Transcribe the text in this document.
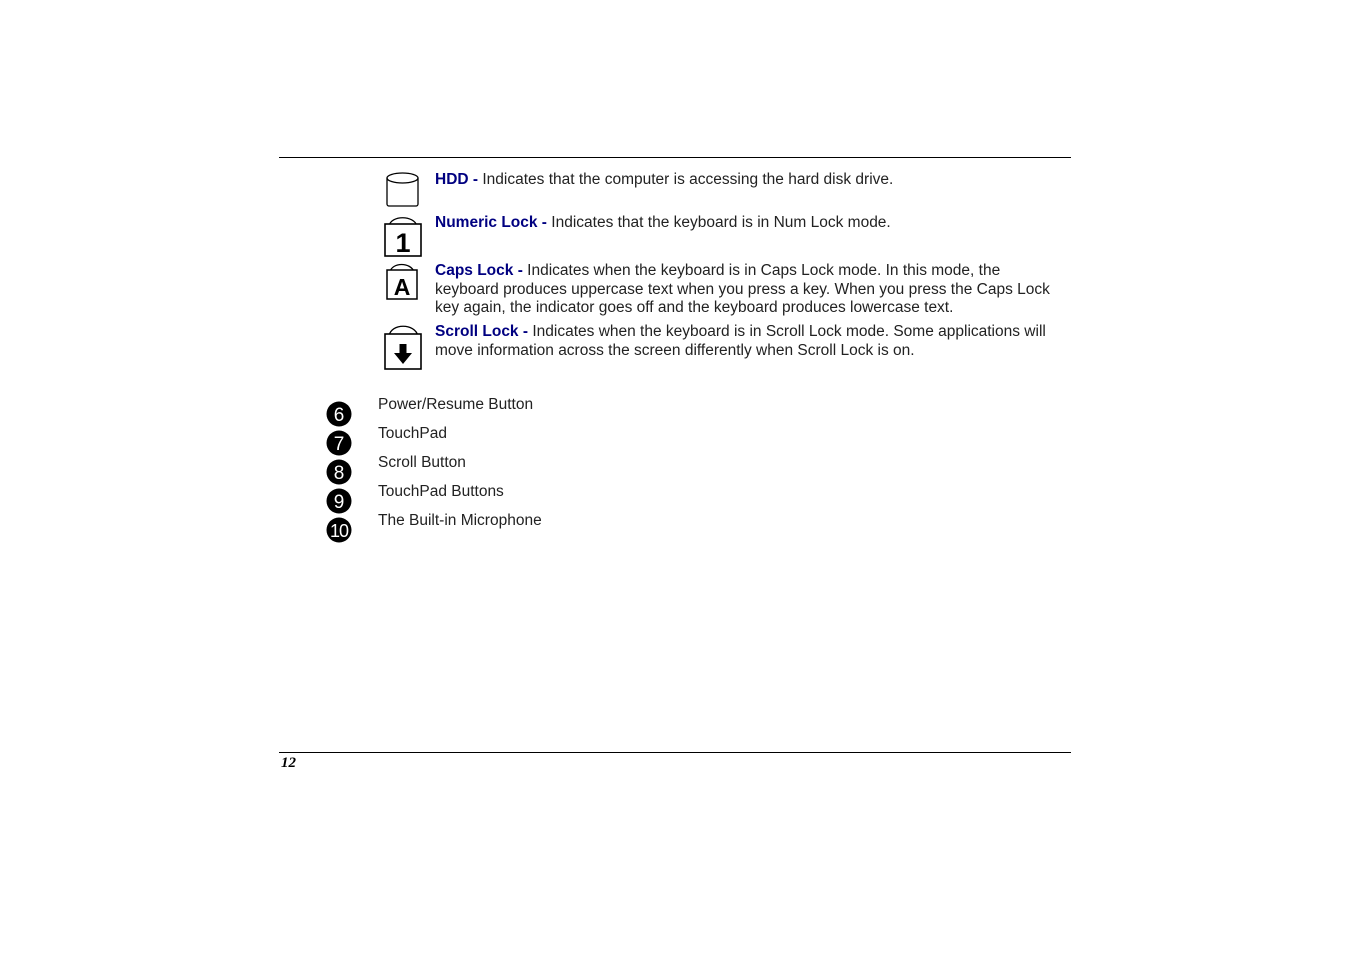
HDD - Indicates that the computer is accessing the hard disk drive.
1
Numeric Lock - Indicates that the keyboard is in Num Lock mode.
A
Caps Lock - Indicates when the keyboard is in Caps Lock mode. In this mode, the keyboard produces uppercase text when you press a key. When you press the Caps Lock key again, the indicator goes off and the keyboard produces lowercase text.
Scroll Lock - Indicates when the keyboard is in Scroll Lock mode. Some applications will move information across the screen differently when Scroll Lock is on.
6
Power/Resume Button
7
TouchPad
8
Scroll Button
9
TouchPad Buttons
10
The Built-in Microphone
12
